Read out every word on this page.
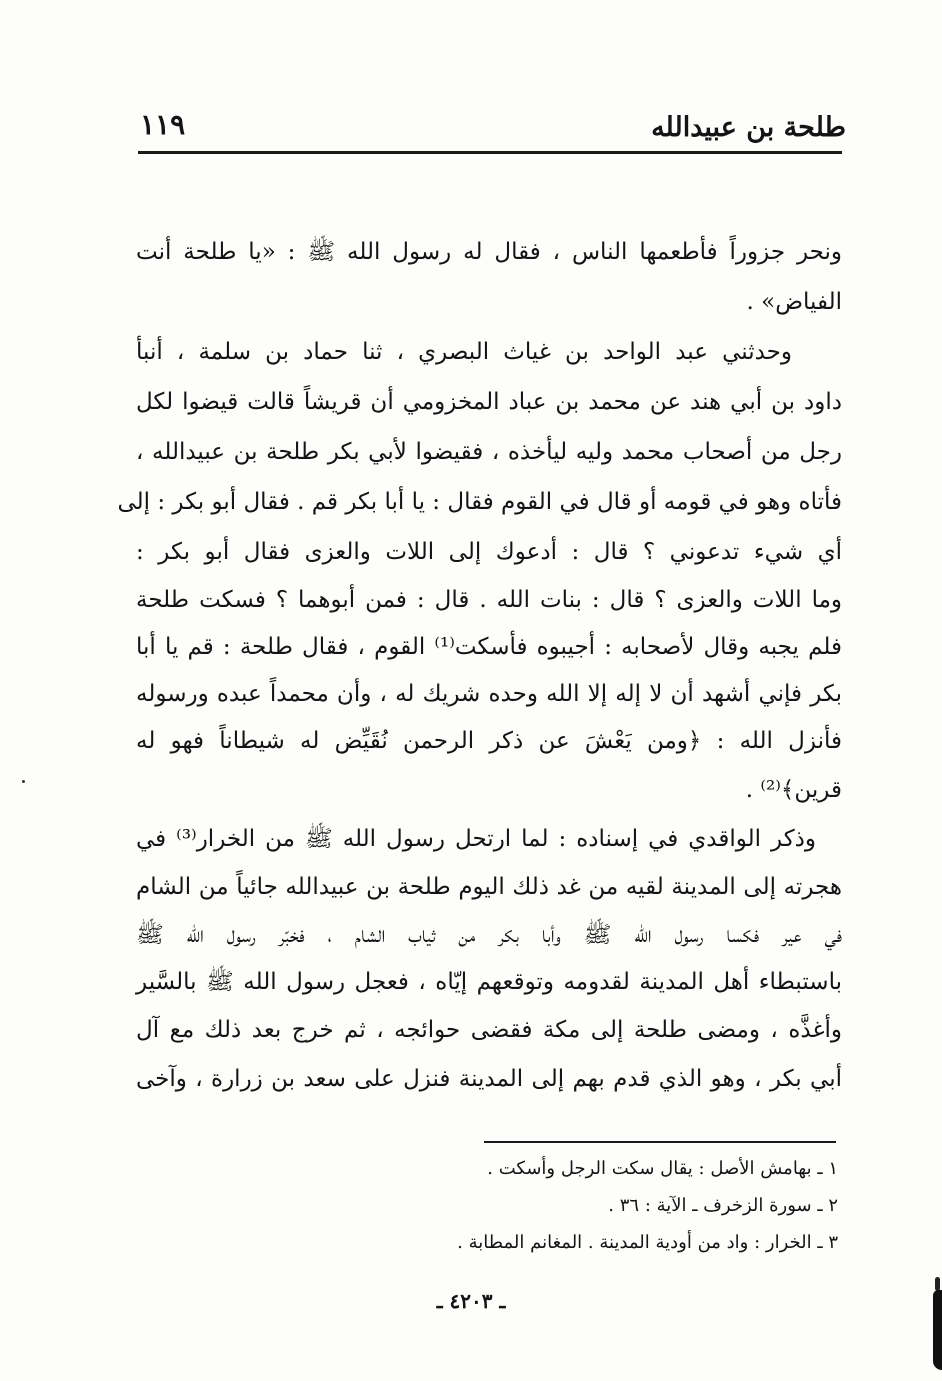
طلحة بن عبيدالله
١١٩
ونحر جزوراً فأطعمها الناس ، فقال له رسول الله ﷺ : «يا طلحة أنت
الفياض» .
وحدثني عبد الواحد بن غياث البصري ، ثنا حماد بن سلمة ، أنبأ
داود بن أبي هند عن محمد بن عباد المخزومي أن قريشاً قالت قيضوا لكل
رجل من أصحاب محمد وليه ليأخذه ، فقيضوا لأبي بكر طلحة بن عبيدالله ،
فأتاه وهو في قومه أو قال في القوم فقال : يا أبا بكر قم . فقال أبو بكر : إلى
أي شيء تدعوني ؟ قال : أدعوك إلى اللات والعزى فقال أبو بكر :
وما اللات والعزى ؟ قال : بنات الله . قال : فمن أبوهما ؟ فسكت طلحة
فلم يجبه وقال لأصحابه : أجيبوه فأسكت⁽¹⁾ القوم ، فقال طلحة : قم يا أبا
بكر فإني أشهد أن لا إله إلا الله وحده شريك له ، وأن محمداً عبده ورسوله
فأنزل الله : ﴿ومن يَعْشَ عن ذكر الرحمن نُقَيِّض له شيطاناً فهو له
قرين﴾⁽²⁾ .
وذكر الواقدي في إسناده : لما ارتحل رسول الله ﷺ من الخرار⁽³⁾ في
هجرته إلى المدينة لقيه من غد ذلك اليوم طلحة بن عبيدالله جائياً من الشام
في عير فكسا رسول الله ﷺ وأبا بكر من ثياب الشام ، فخبّر رسول الله ﷺ
باستبطاء أهل المدينة لقدومه وتوقعهم إيّاه ، فعجل رسول الله ﷺ بالسَّير
وأغذَّه ، ومضى طلحة إلى مكة فقضى حوائجه ، ثم خرج بعد ذلك مع آل
أبي بكر ، وهو الذي قدم بهم إلى المدينة فنزل على سعد بن زرارة ، وآخى
١ ـ بهامش الأصل : يقال سكت الرجل وأسكت .
٢ ـ سورة الزخرف ـ الآية : ٣٦ .
٣ ـ الخرار : واد من أودية المدينة . المغانم المطابة .
ـ ٤٢٠٣ ـ
